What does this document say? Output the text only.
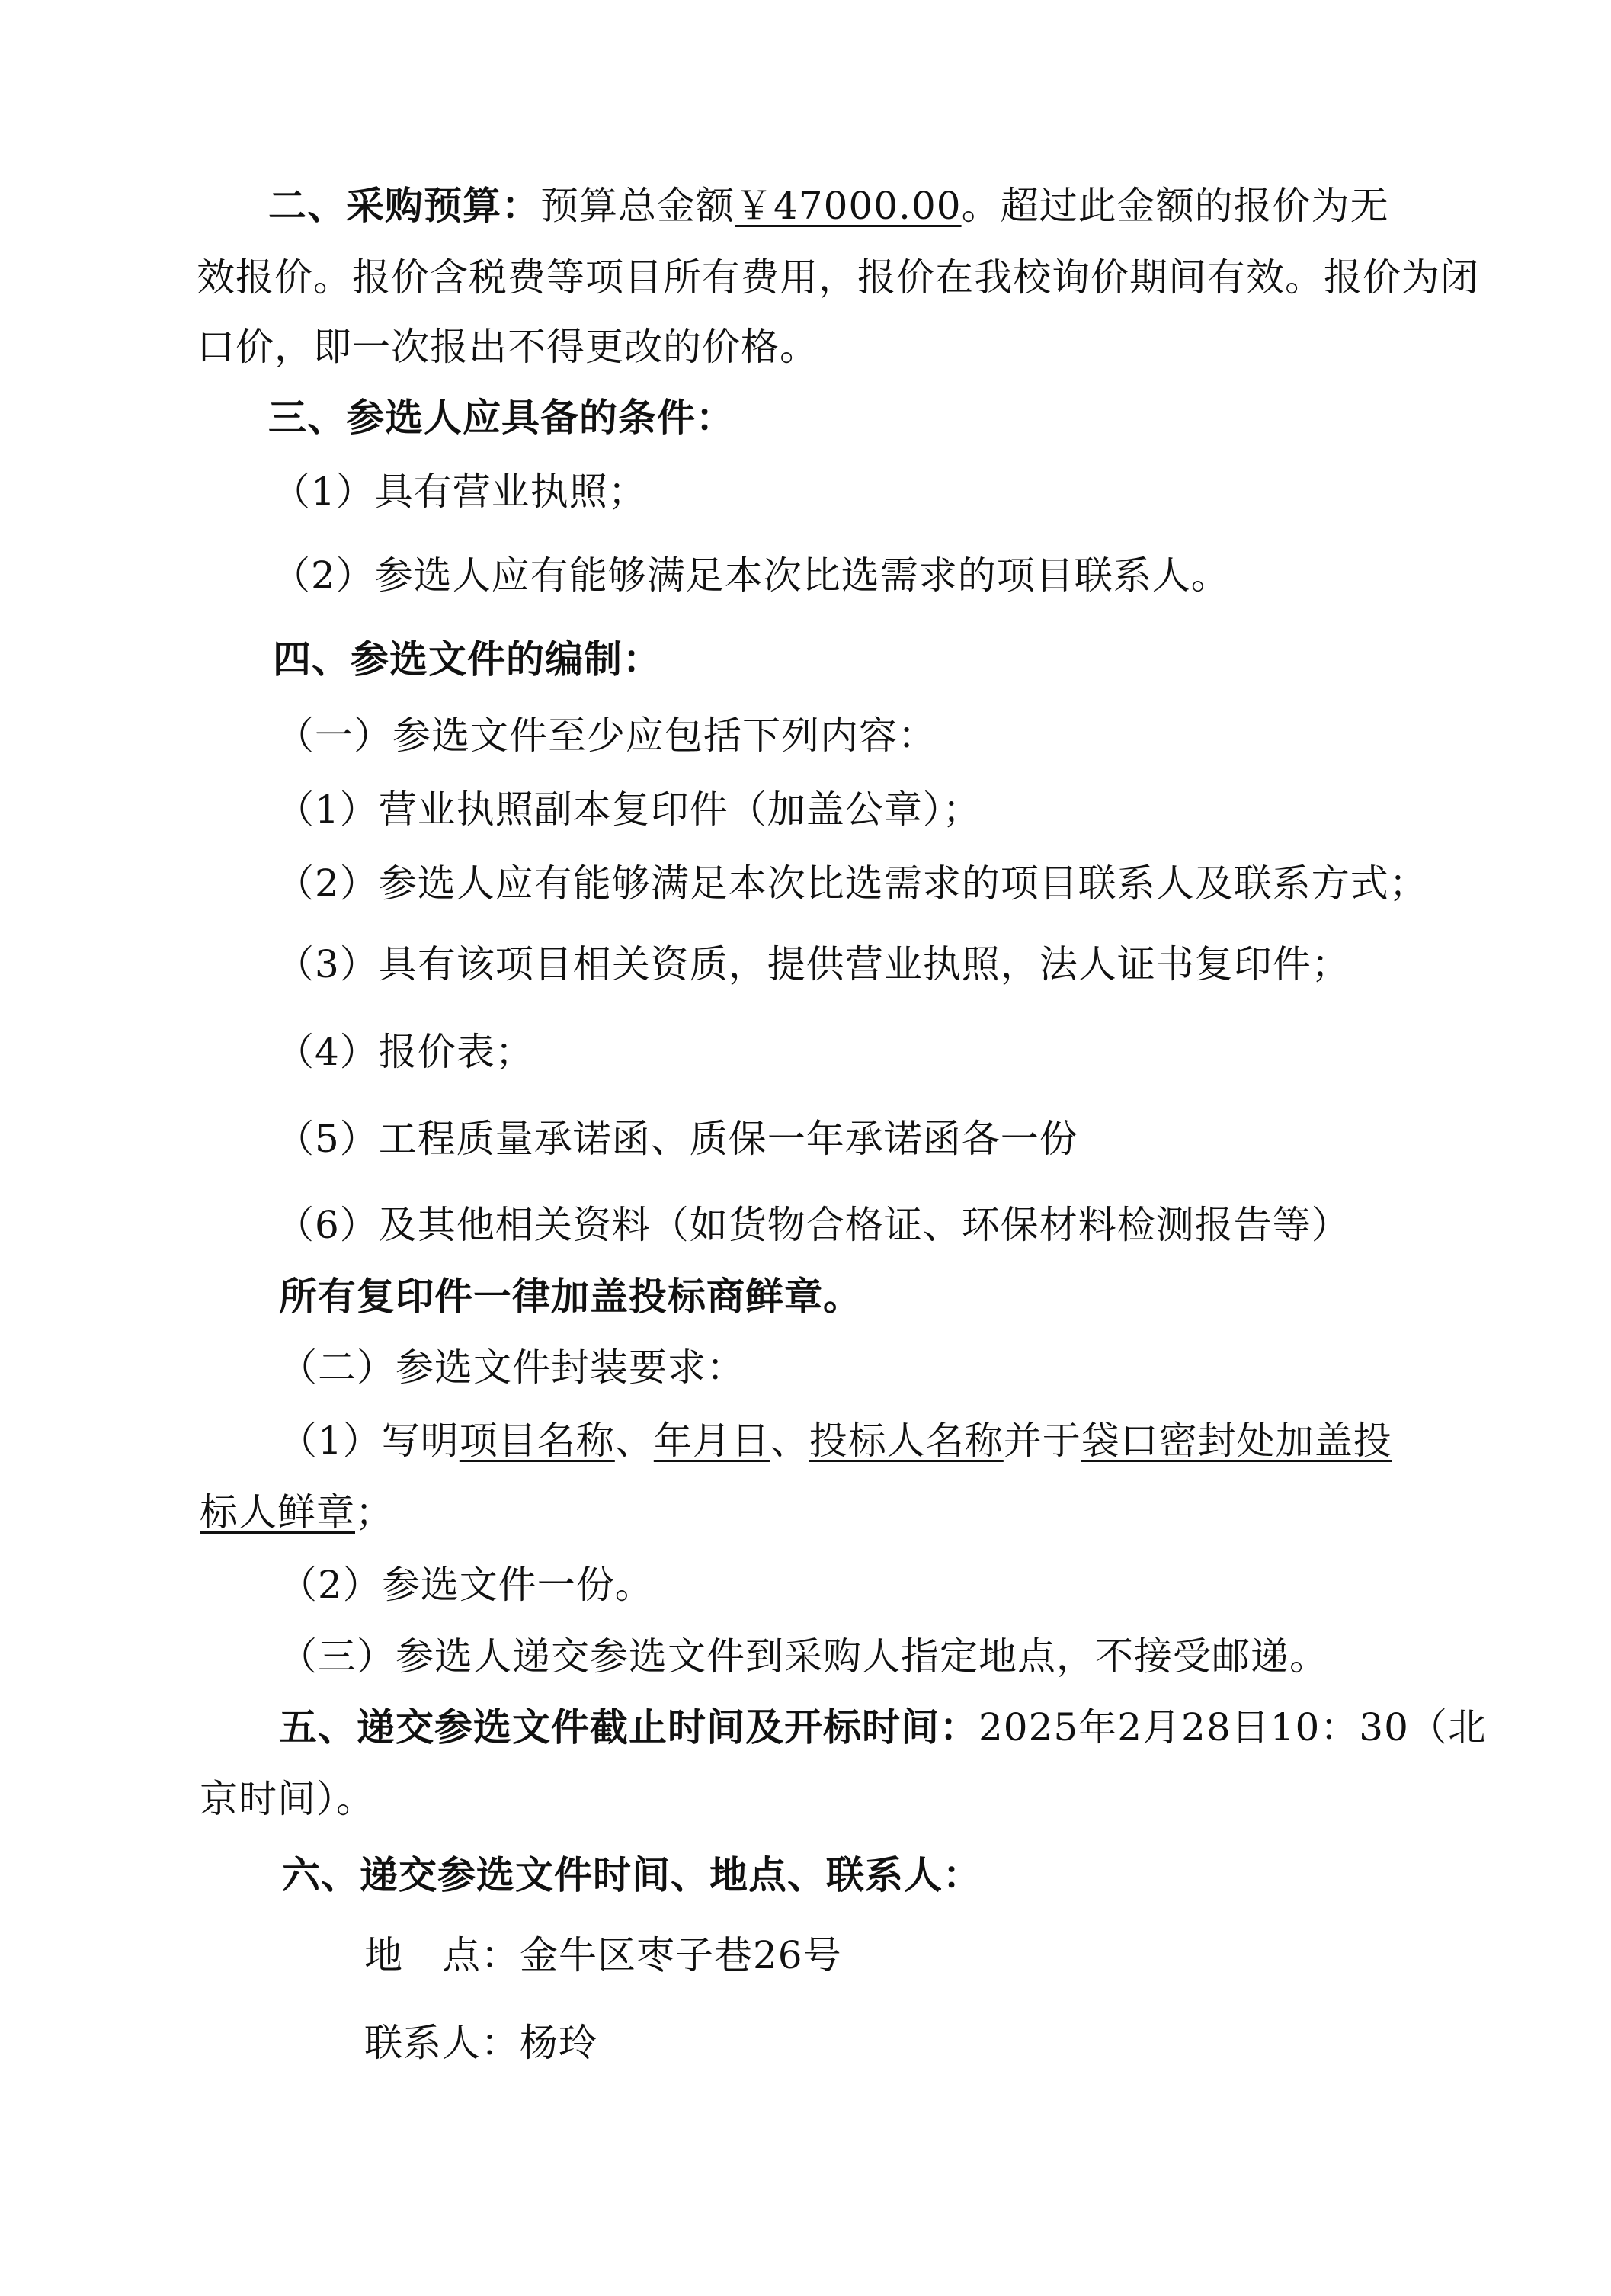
二、采购预算：预算总金额￥47000.00。超过此金额的报价为无
效报价。报价含税费等项目所有费用，报价在我校询价期间有效。报价为闭
口价，即一次报出不得更改的价格。
三、参选人应具备的条件：
（1）具有营业执照；
（2）参选人应有能够满足本次比选需求的项目联系人。
四、参选文件的编制：
（一）参选文件至少应包括下列内容：
（1）营业执照副本复印件（加盖公章）；
（2）参选人应有能够满足本次比选需求的项目联系人及联系方式；
（3）具有该项目相关资质，提供营业执照，法人证书复印件；
（4）报价表；
（5）工程质量承诺函、质保一年承诺函各一份
（6）及其他相关资料（如货物合格证、环保材料检测报告等）
所有复印件一律加盖投标商鲜章。
（二）参选文件封装要求：
（1）写明项目名称、年月日、投标人名称并于袋口密封处加盖投
标人鲜章；
（2）参选文件一份。
（三）参选人递交参选文件到采购人指定地点，不接受邮递。
五、递交参选文件截止时间及开标时间：2025年2月28日10：30（北
京时间）。
六、递交参选文件时间、地点、联系人：
地　点：金牛区枣子巷26号
联系人：杨玲
